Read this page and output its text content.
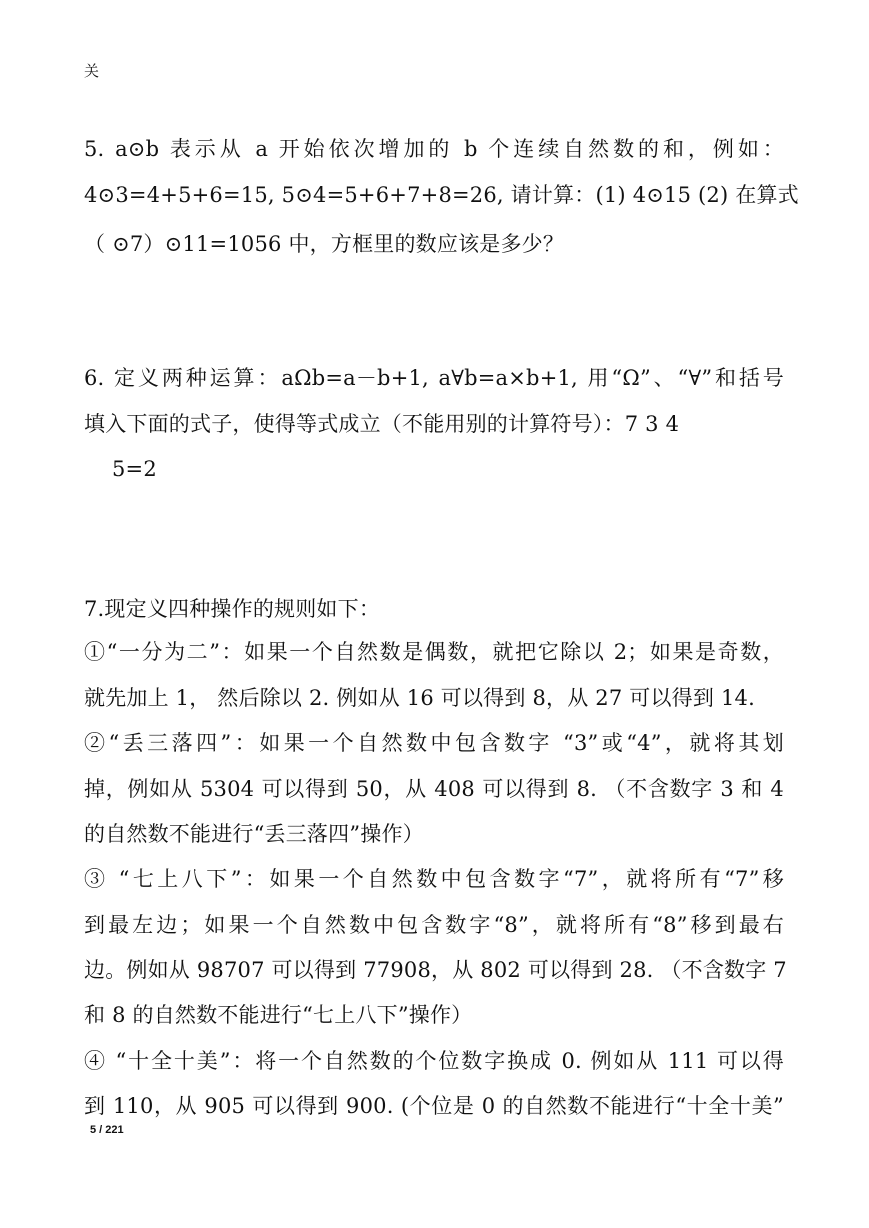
关
5. a⊙b 表示从 a 开始依次增加的 b 个连续自然数的和，例如：
4⊙3=4+5+6=15, 5⊙4=5+6+7+8=26, 请计算：(1) 4⊙15 (2) 在算式
（ ⊙7）⊙11=1056 中，方框里的数应该是多少？
6. 定义两种运算：aΩb=a－b+1, a∀b=a×b+1, 用“Ω”、“∀”和括号
填入下面的式子，使得等式成立（不能用别的计算符号）：7 3 4
5=2
7.现定义四种操作的规则如下：
①“一分为二”：如果一个自然数是偶数，就把它除以 2；如果是奇数，
就先加上 1， 然后除以 2. 例如从 16 可以得到 8，从 27 可以得到 14.
②“丢三落四”：如果一个自然数中包含数字 “3”或“4”，就将其划
掉，例如从 5304 可以得到 50，从 408 可以得到 8. （不含数字 3 和 4
的自然数不能进行“丢三落四”操作）
③ “七上八下”：如果一个自然数中包含数字“7”，就将所有“7”移
到最左边；如果一个自然数中包含数字“8”，就将所有“8”移到最右
边。例如从 98707 可以得到 77908，从 802 可以得到 28. （不含数字 7
和 8 的自然数不能进行“七上八下”操作）
④ “十全十美”：将一个自然数的个位数字换成 0. 例如从 111 可以得
到 110，从 905 可以得到 900. (个位是 0 的自然数不能进行“十全十美”
5 / 221
